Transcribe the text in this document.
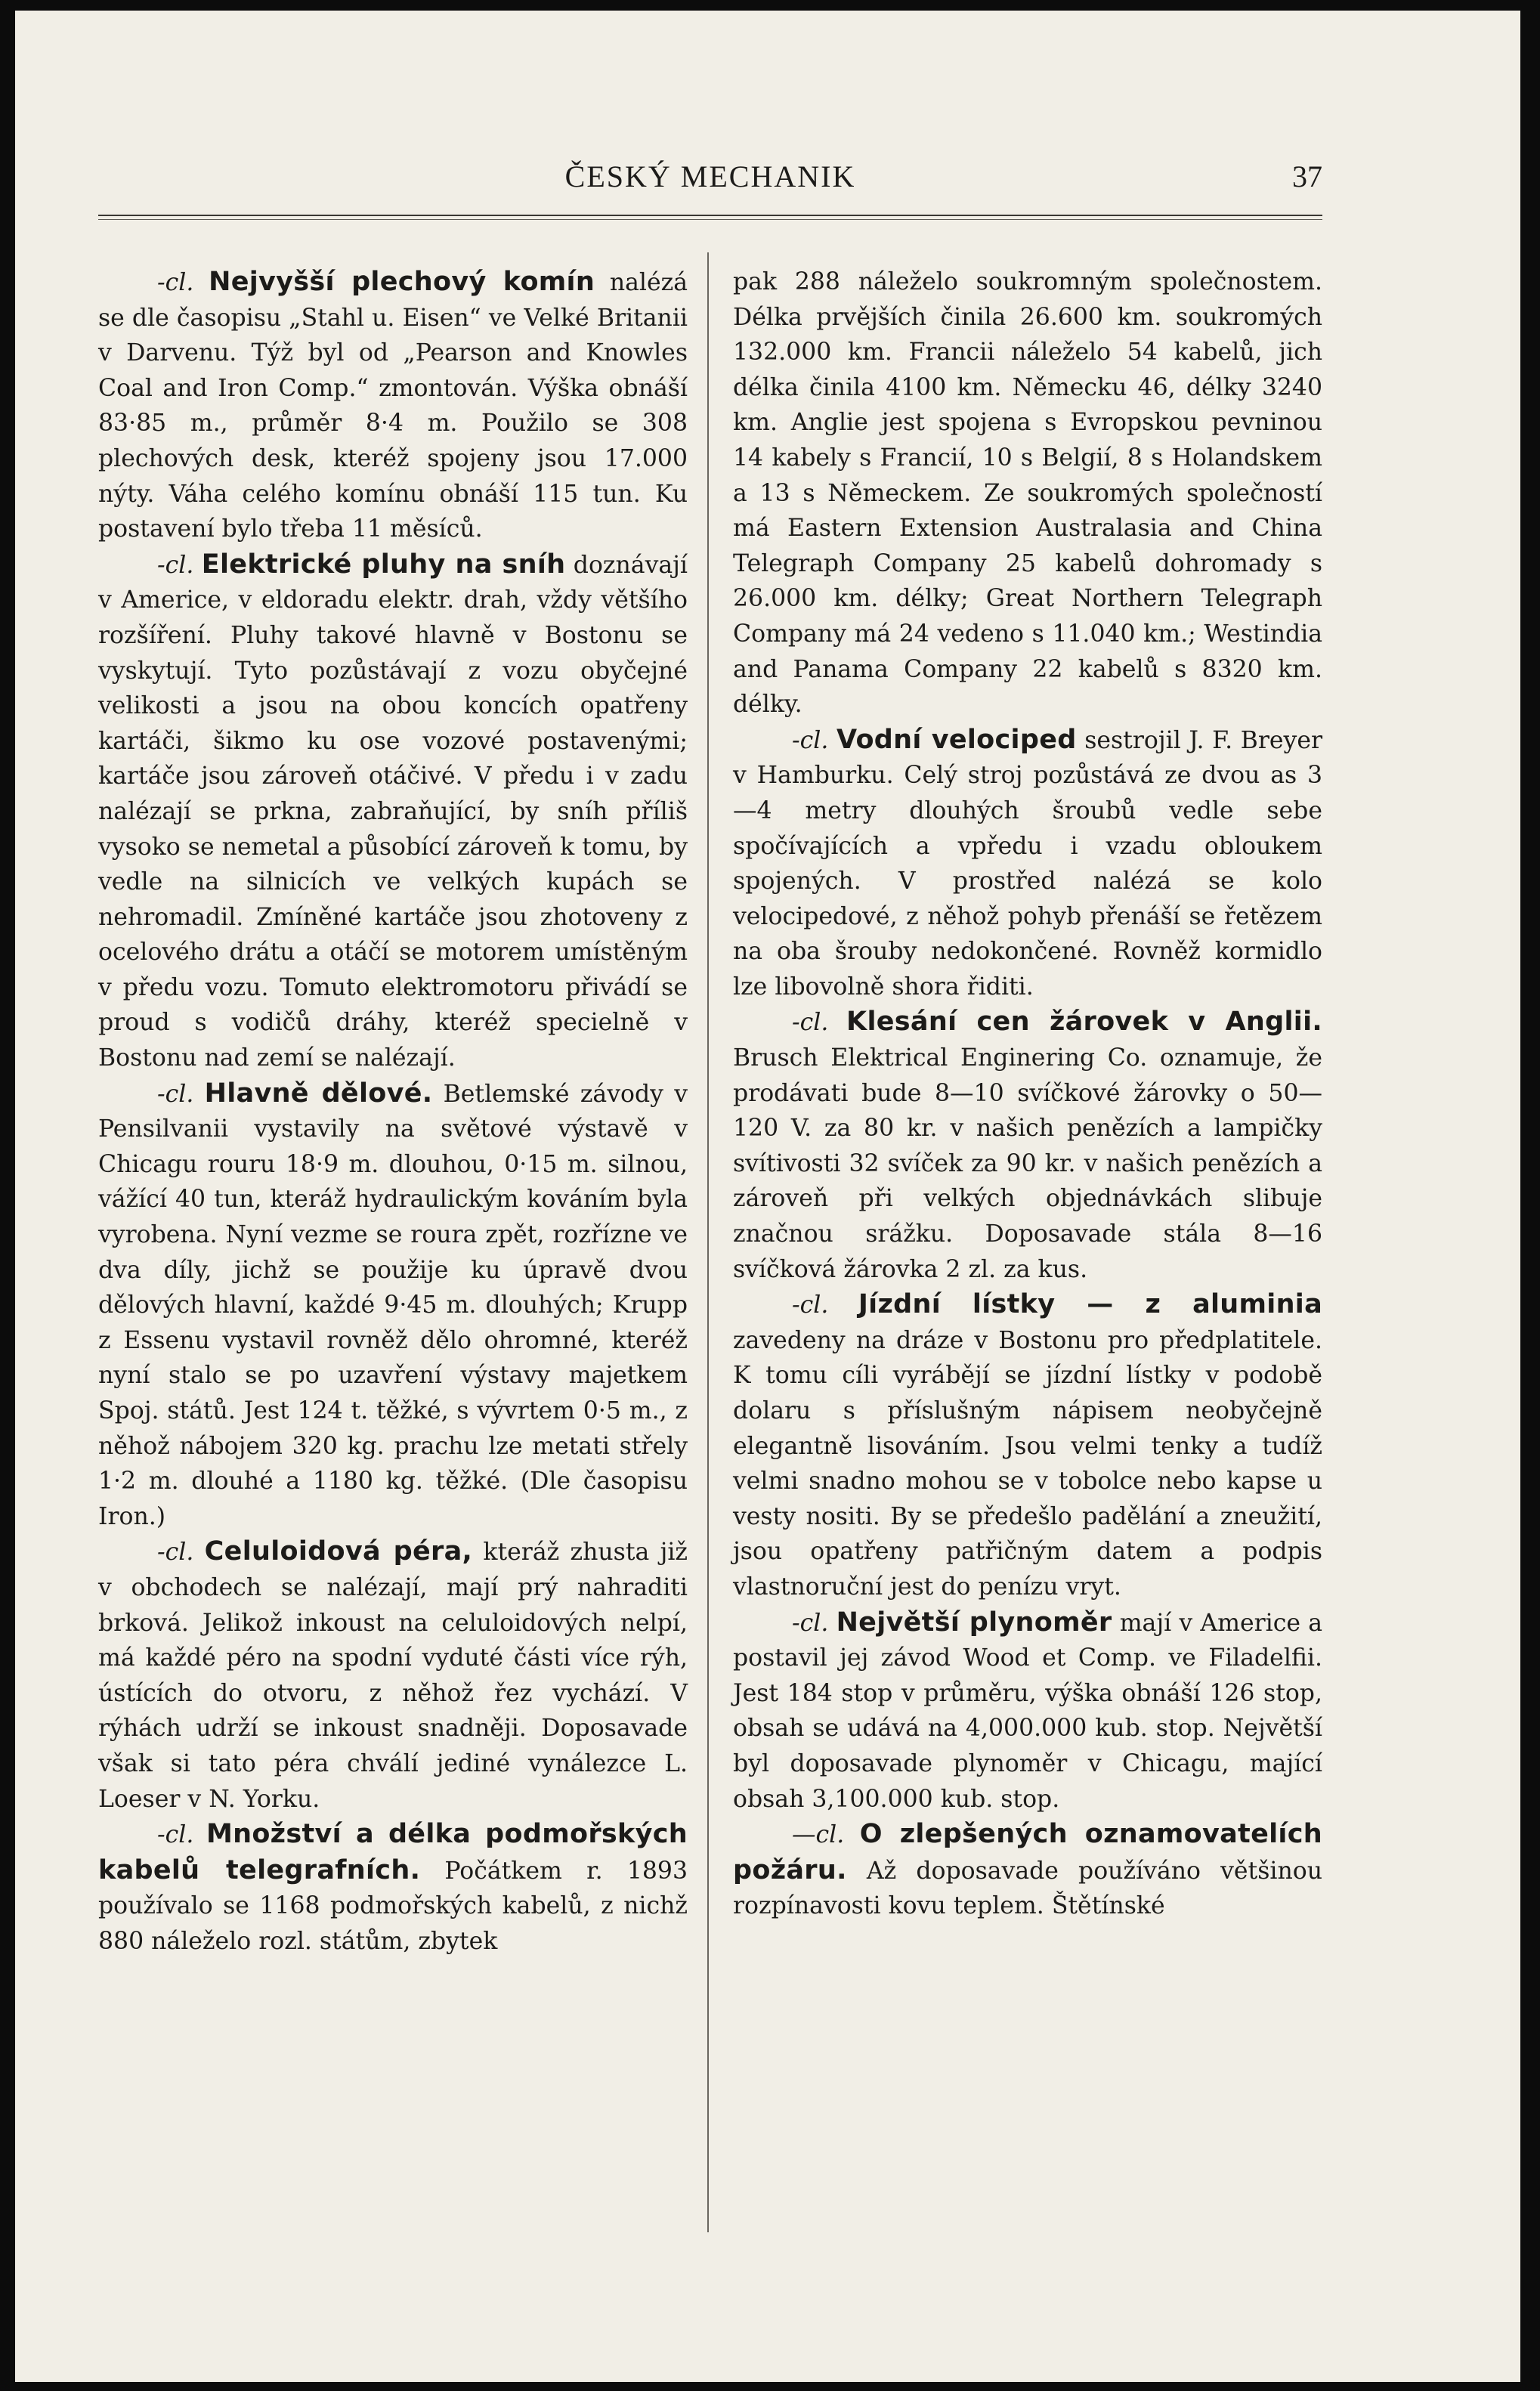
ČESKÝ MECHANIK	37

-cl. Nejvyšší plechový komín nalézá se dle časopisu „Stahl u. Eisen“ ve Velké Britanii v Darvenu. Týž byl od „Pearson and Knowles Coal and Iron Comp.“ zmontován. Výška obnáší 83·85 m., průměr 8·4 m. Použilo se 308 plechových desk, kteréž spojeny jsou 17.000 nýty. Váha celého komínu obnáší 115 tun. Ku postavení bylo třeba 11 měsíců.

-cl. Elektrické pluhy na sníh doznávají v Americe, v eldoradu elektr. drah, vždy většího rozšíření. Pluhy takové hlavně v Bostonu se vyskytují. Tyto pozůstávají z vozu obyčejné velikosti a jsou na obou koncích opatřeny kartáči, šikmo ku ose vozové postavenými; kartáče jsou zároveň otáčivé. V předu i v zadu nalézají se prkna, zabraňující, by sníh příliš vysoko se nemetal a působící zároveň k tomu, by vedle na silnicích ve velkých kupách se nehromadil. Zmíněné kartáče jsou zhotoveny z ocelového drátu a otáčí se motorem umístěným v předu vozu. Tomuto elektromotoru přivádí se proud s vodičů dráhy, kteréž specielně v Bostonu nad zemí se nalézají.

-cl. Hlavně dělové. Betlemské závody v Pensilvanii vystavily na světové výstavě v Chicagu rouru 18·9 m. dlouhou, 0·15 m. silnou, vážící 40 tun, kteráž hydraulickým kováním byla vyrobena. Nyní vezme se roura zpět, rozřízne ve dva díly, jichž se použije ku úpravě dvou dělových hlavní, každé 9·45 m. dlouhých; Krupp z Essenu vystavil rovněž dělo ohromné, kteréž nyní stalo se po uzavření výstavy majetkem Spoj. států. Jest 124 t. těžké, s vývrtem 0·5 m., z něhož nábojem 320 kg. prachu lze metati střely 1·2 m. dlouhé a 1180 kg. těžké. (Dle časopisu Iron.)

-cl. Celuloidová péra, kteráž zhusta již v obchodech se nalézají, mají prý nahraditi brková. Jelikož inkoust na celuloidových nelpí, má každé péro na spodní vyduté části více rýh, ústících do otvoru, z něhož řez vychází. V rýhách udrží se inkoust snadněji. Doposavade však si tato péra chválí jediné vynálezce L. Loeser v N. Yorku.

-cl. Množství a délka podmořských kabelů telegrafních. Počátkem r. 1893 používalo se 1168 podmořských kabelů, z nichž 880 náleželo rozl. státům, zbytek

pak 288 náleželo soukromným společnostem. Délka prvějších činila 26.600 km. soukromých 132.000 km. Francii náleželo 54 kabelů, jich délka činila 4100 km. Německu 46, délky 3240 km. Anglie jest spojena s Evropskou pevninou 14 kabely s Francií, 10 s Belgií, 8 s Holandskem a 13 s Německem. Ze soukromých společností má Eastern Extension Australasia and China Telegraph Company 25 kabelů dohromady s 26.000 km. délky; Great Northern Telegraph Company má 24 vedeno s 11.040 km.; Westindia and Panama Company 22 kabelů s 8320 km. délky.

-cl. Vodní velociped sestrojil J. F. Breyer v Hamburku. Celý stroj pozůstává ze dvou as 3—4 metry dlouhých šroubů vedle sebe spočívajících a vpředu i vzadu obloukem spojených. V prostřed nalézá se kolo velocipedové, z něhož pohyb přenáší se řetězem na oba šrouby nedokončené. Rovněž kormidlo lze libovolně shora řiditi.

-cl. Klesání cen žárovek v Anglii. Brusch Elektrical Enginering Co. oznamuje, že prodávati bude 8—10 svíčkové žárovky o 50—120 V. za 80 kr. v našich penězích a lampičky svítivosti 32 svíček za 90 kr. v našich penězích a zároveň při velkých objednávkách slibuje značnou srážku. Doposavade stála 8—16 svíčková žárovka 2 zl. za kus.

-cl. Jízdní lístky — z aluminia zavedeny na dráze v Bostonu pro předplatitele. K tomu cíli vyrábějí se jízdní lístky v podobě dolaru s příslušným nápisem neobyčejně elegantně lisováním. Jsou velmi tenky a tudíž velmi snadno mohou se v tobolce nebo kapse u vesty nositi. By se předešlo padělání a zneužití, jsou opatřeny patřičným datem a podpis vlastnoruční jest do penízu vryt.

-cl. Největší plynoměr mají v Americe a postavil jej závod Wood et Comp. ve Filadelfii. Jest 184 stop v průměru, výška obnáší 126 stop, obsah se udává na 4,000.000 kub. stop. Největší byl doposavade plynoměr v Chicagu, mající obsah 3,100.000 kub. stop.

—cl. O zlepšených oznamovatelích požáru. Až doposavade používáno většinou rozpínavosti kovu teplem. Štětínské
